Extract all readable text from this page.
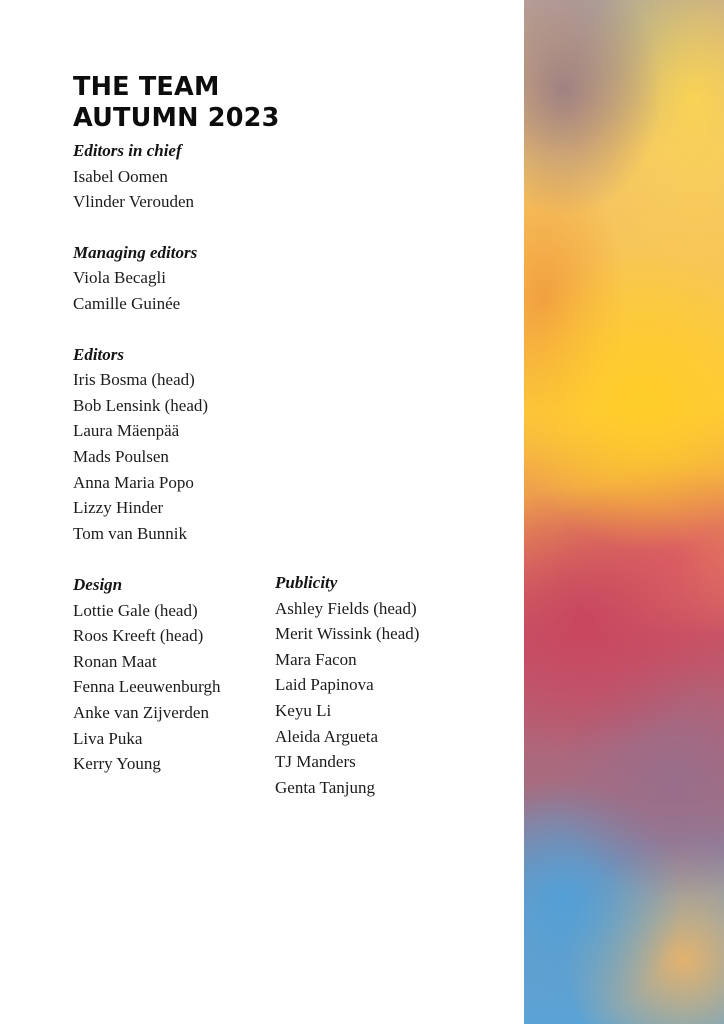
THE TEAM
AUTUMN 2023
Editors in chief
Isabel Oomen
Vlinder Verouden
Managing editors
Viola Becagli
Camille Guinée
Editors
Iris Bosma (head)
Bob Lensink (head)
Laura Mäenpää
Mads Poulsen
Anna Maria Popo
Lizzy Hinder
Tom van Bunnik
Design
Lottie Gale (head)
Roos Kreeft (head)
Ronan Maat
Fenna Leeuwenburgh
Anke van Zijverden
Liva Puka
Kerry Young
Publicity
Ashley Fields (head)
Merit Wissink (head)
Mara Facon
Laid Papinova
Keyu Li
Aleida Argueta
TJ Manders
Genta Tanjung
